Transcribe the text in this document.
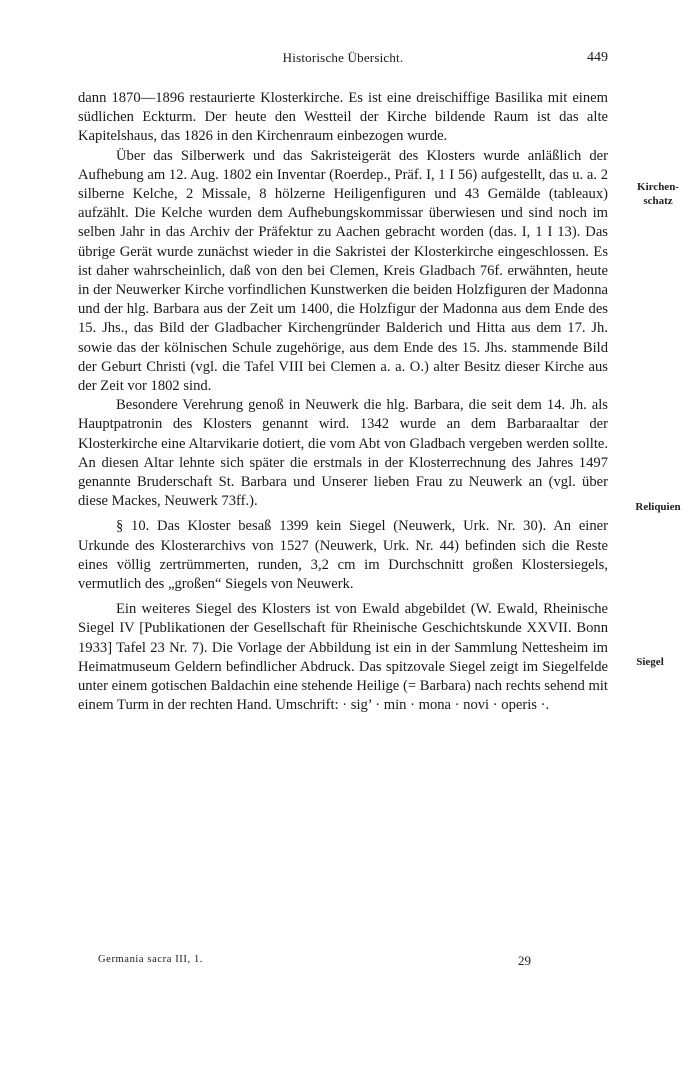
Historische Übersicht.	449

dann 1870—1896 restaurierte Klosterkirche. Es ist eine dreischiffige Basilika mit einem südlichen Eckturm. Der heute den Westteil der Kirche bildende Raum ist das alte Kapitelshaus, das 1826 in den Kirchenraum einbezogen wurde.

Über das Silberwerk und das Sakristeigerät des Klosters wurde anläßlich der Aufhebung am 12. Aug. 1802 ein Inventar (Roerdep., Präf. I, 1 I 56) aufgestellt, das u. a. 2 silberne Kelche, 2 Missale, 8 hölzerne Heiligenfiguren und 43 Gemälde (tableaux) aufzählt. Die Kelche wurden dem Aufhebungskommissar überwiesen und sind noch im selben Jahr in das Archiv der Präfektur zu Aachen gebracht worden (das. I, 1 I 13). Das übrige Gerät wurde zunächst wieder in die Sakristei der Klosterkirche eingeschlossen. Es ist daher wahrscheinlich, daß von den bei Clemen, Kreis Gladbach 76f. erwähnten, heute in der Neuwerker Kirche vorfindlichen Kunstwerken die beiden Holzfiguren der Madonna und der hlg. Barbara aus der Zeit um 1400, die Holzfigur der Madonna aus dem Ende des 15. Jhs., das Bild der Gladbacher Kirchengründer Balderich und Hitta aus dem 17. Jh. sowie das der kölnischen Schule zugehörige, aus dem Ende des 15. Jhs. stammende Bild der Geburt Christi (vgl. die Tafel VIII bei Clemen a. a. O.) alter Besitz dieser Kirche aus der Zeit vor 1802 sind.

Besondere Verehrung genoß in Neuwerk die hlg. Barbara, die seit dem 14. Jh. als Hauptpatronin des Klosters genannt wird. 1342 wurde an dem Barbaraaltar der Klosterkirche eine Altarvikarie dotiert, die vom Abt von Gladbach vergeben werden sollte. An diesen Altar lehnte sich später die erstmals in der Klosterrechnung des Jahres 1497 genannte Bruderschaft St. Barbara und Unserer lieben Frau zu Neuwerk an (vgl. über diese Mackes, Neuwerk 73ff.).

§ 10. Das Kloster besaß 1399 kein Siegel (Neuwerk, Urk. Nr. 30). An einer Urkunde des Klosterarchivs von 1527 (Neuwerk, Urk. Nr. 44) befinden sich die Reste eines völlig zertrümmerten, runden, 3,2 cm im Durchschnitt großen Klostersiegels, vermutlich des „großen“ Siegels von Neuwerk.

Ein weiteres Siegel des Klosters ist von Ewald abgebildet (W. Ewald, Rheinische Siegel IV [Publikationen der Gesellschaft für Rheinische Geschichtskunde XXVII. Bonn 1933] Tafel 23 Nr. 7). Die Vorlage der Abbildung ist ein in der Sammlung Nettesheim im Heimatmuseum Geldern befindlicher Abdruck. Das spitzovale Siegel zeigt im Siegelfelde unter einem gotischen Baldachin eine stehende Heilige (= Barbara) nach rechts sehend mit einem Turm in der rechten Hand. Umschrift: · sig’ · min · mona · novi · operis ·.

Kirchen-
schatz
Reliquien
Siegel
Germania sacra III, 1.	29
